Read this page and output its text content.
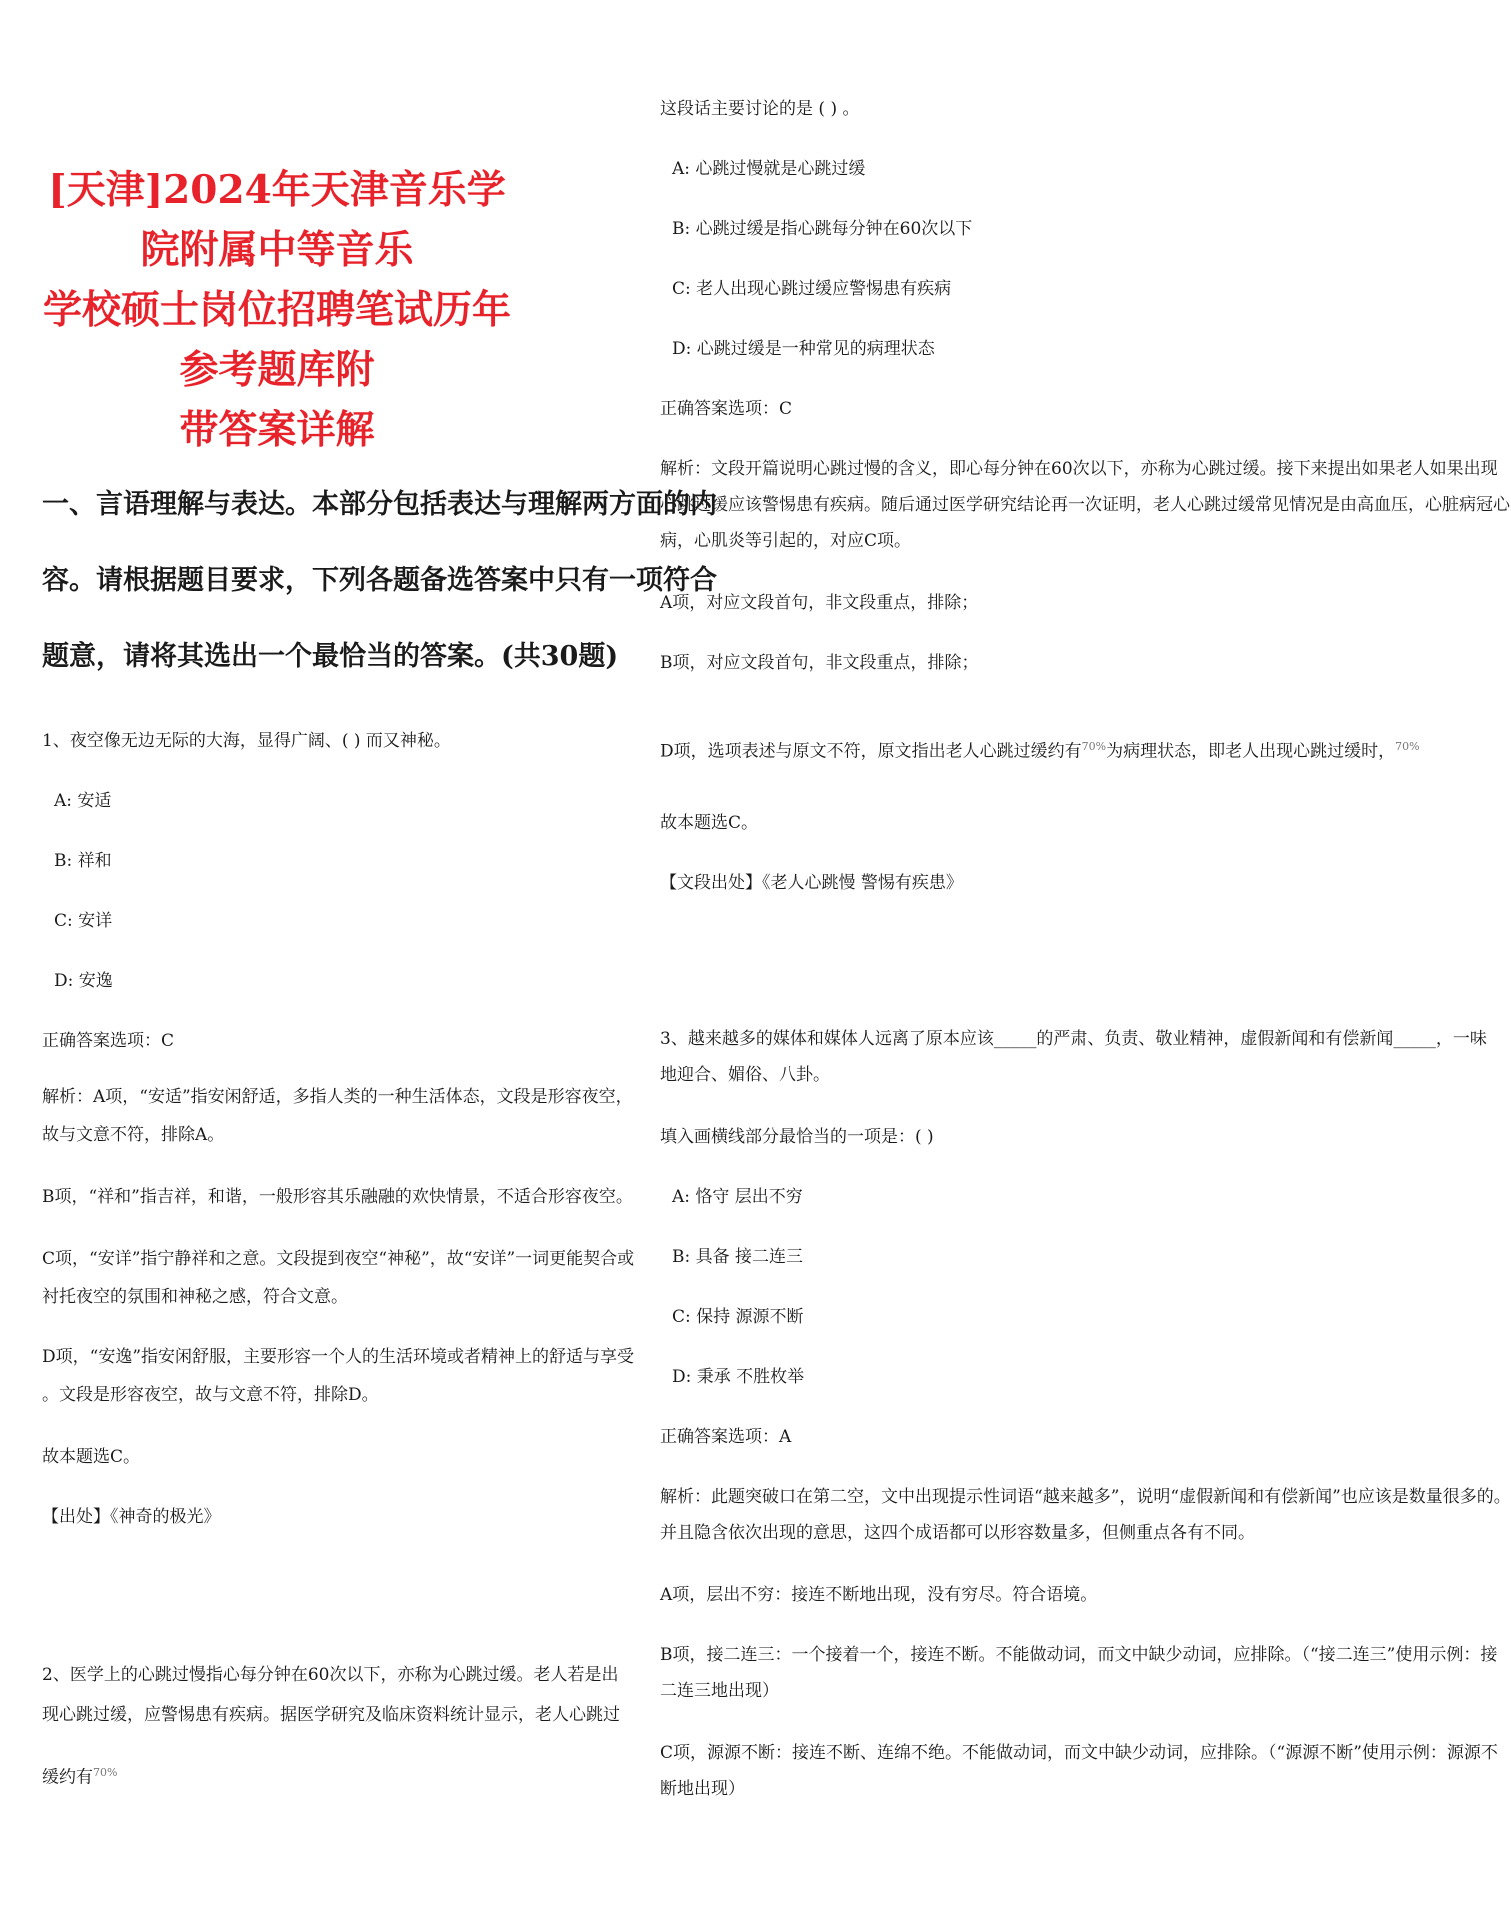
[天津]2024年天津音乐学院附属中等音乐
学校硕士岗位招聘笔试历年参考题库附
带答案详解
一、言语理解与表达。本部分包括表达与理解两方面的内
容。请根据题目要求，下列各题备选答案中只有一项符合
题意，请将其选出一个最恰当的答案。(共30题)

1、夜空像无边无际的大海，显得广阔、( ) 而又神秘。

A: 安适

B: 祥和

C: 安详

D: 安逸

正确答案选项：C

解析：A项，“安适”指安闲舒适，多指人类的一种生活体态，文段是形容夜空，

故与文意不符，排除A。

B项，“祥和”指吉祥，和谐，一般形容其乐融融的欢快情景，不适合形容夜空。

C项，“安详”指宁静祥和之意。文段提到夜空“神秘”，故“安详”一词更能契合或

衬托夜空的氛围和神秘之感，符合文意。

D项，“安逸”指安闲舒服，主要形容一个人的生活环境或者精神上的舒适与享受

。文段是形容夜空，故与文意不符，排除D。

故本题选C。

【出处】《神奇的极光》

2、医学上的心跳过慢指心每分钟在60次以下，亦称为心跳过缓。老人若是出

现心跳过缓，应警惕患有疾病。据医学研究及临床资料统计显示，老人心跳过

缓约有$^{70\%}$

这段话主要讨论的是 ( ) 。

A: 心跳过慢就是心跳过缓

B: 心跳过缓是指心跳每分钟在60次以下

C: 老人出现心跳过缓应警惕患有疾病

D: 心跳过缓是一种常见的病理状态

正确答案选项：C

解析：文段开篇说明心跳过慢的含义，即心每分钟在60次以下，亦称为心跳过缓。接下来提出如果老人如果出现

心跳过缓应该警惕患有疾病。随后通过医学研究结论再一次证明，老人心跳过缓常见情况是由高血压，心脏病冠心

病，心肌炎等引起的，对应C项。

A项，对应文段首句，非文段重点，排除；

B项，对应文段首句，非文段重点，排除；

D项，选项表述与原文不符，原文指出老人心跳过缓约有$^{70\%}$为病理状态，即老人出现心跳过缓时，$^{70\%}$

故本题选C。

【文段出处】《老人心跳慢 警惕有疾患》

3、越来越多的媒体和媒体人远离了原本应该_____的严肃、负责、敬业精神，虚假新闻和有偿新闻_____，一味

地迎合、媚俗、八卦。

填入画横线部分最恰当的一项是：( )

A: 恪守 层出不穷

B: 具备 接二连三

C: 保持 源源不断

D: 秉承 不胜枚举

正确答案选项：A

解析：此题突破口在第二空，文中出现提示性词语“越来越多”，说明“虚假新闻和有偿新闻”也应该是数量很多的。

并且隐含依次出现的意思，这四个成语都可以形容数量多，但侧重点各有不同。

A项，层出不穷：接连不断地出现，没有穷尽。符合语境。

B项，接二连三：一个接着一个，接连不断。不能做动词，而文中缺少动词，应排除。（“接二连三”使用示例：接

二连三地出现）

C项，源源不断：接连不断、连绵不绝。不能做动词，而文中缺少动词，应排除。（“源源不断”使用示例：源源不

断地出现）
